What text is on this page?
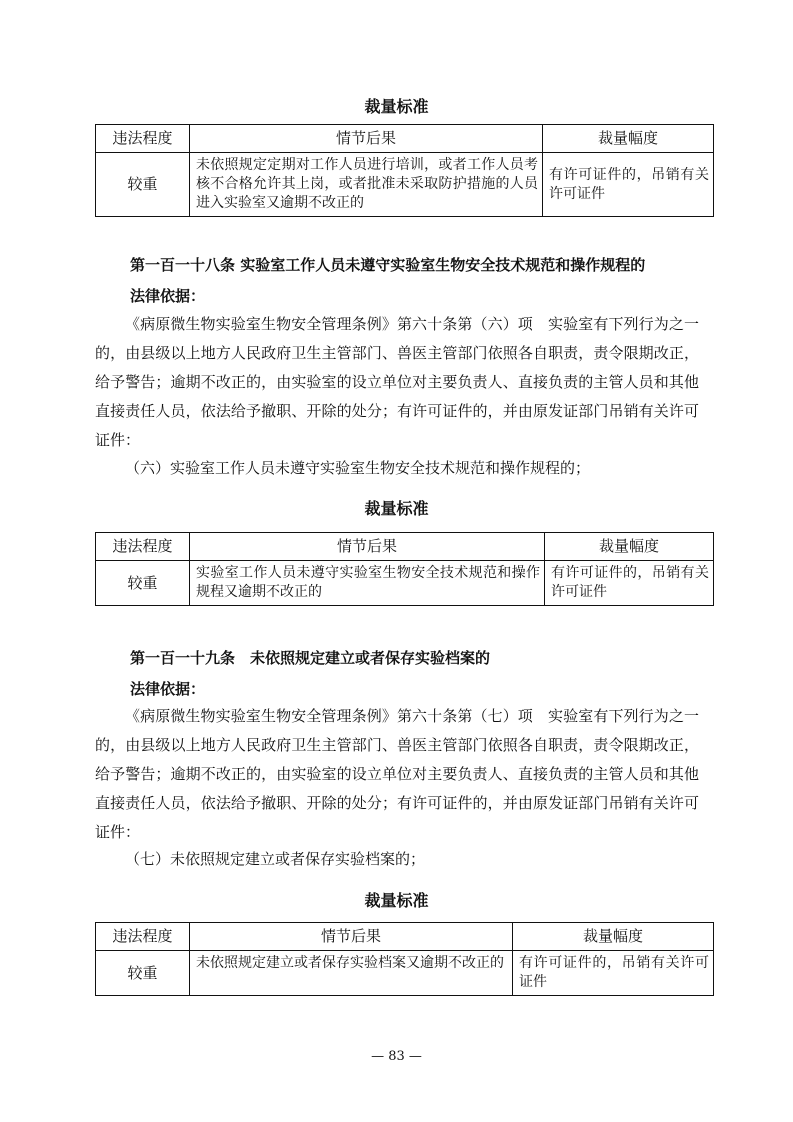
裁量标准
违法程度	情节后果	裁量幅度
较重	未依照规定定期对工作人员进行培训，或者工作人员考核不合格允许其上岗，或者批准未采取防护措施的人员进入实验室又逾期不改正的	有许可证件的，吊销有关许可证件
第一百一十八条 实验室工作人员未遵守实验室生物安全技术规范和操作规程的
法律依据：

《病原微生物实验室生物安全管理条例》第六十条第（六）项　实验室有下列行为之一的，由县级以上地方人民政府卫生主管部门、兽医主管部门依照各自职责，责令限期改正，给予警告；逾期不改正的，由实验室的设立单位对主要负责人、直接负责的主管人员和其他直接责任人员，依法给予撤职、开除的处分；有许可证件的，并由原发证部门吊销有关许可证件：

（六）实验室工作人员未遵守实验室生物安全技术规范和操作规程的；
裁量标准
违法程度	情节后果	裁量幅度
较重	实验室工作人员未遵守实验室生物安全技术规范和操作规程又逾期不改正的	有许可证件的，吊销有关许可证件
第一百一十九条　未依照规定建立或者保存实验档案的
法律依据：

《病原微生物实验室生物安全管理条例》第六十条第（七）项　实验室有下列行为之一的，由县级以上地方人民政府卫生主管部门、兽医主管部门依照各自职责，责令限期改正，给予警告；逾期不改正的，由实验室的设立单位对主要负责人、直接负责的主管人员和其他直接责任人员，依法给予撤职、开除的处分；有许可证件的，并由原发证部门吊销有关许可证件：

（七）未依照规定建立或者保存实验档案的；
裁量标准
违法程度	情节后果	裁量幅度
较重	未依照规定建立或者保存实验档案又逾期不改正的	有许可证件的，吊销有关许可证件
— 83 —
